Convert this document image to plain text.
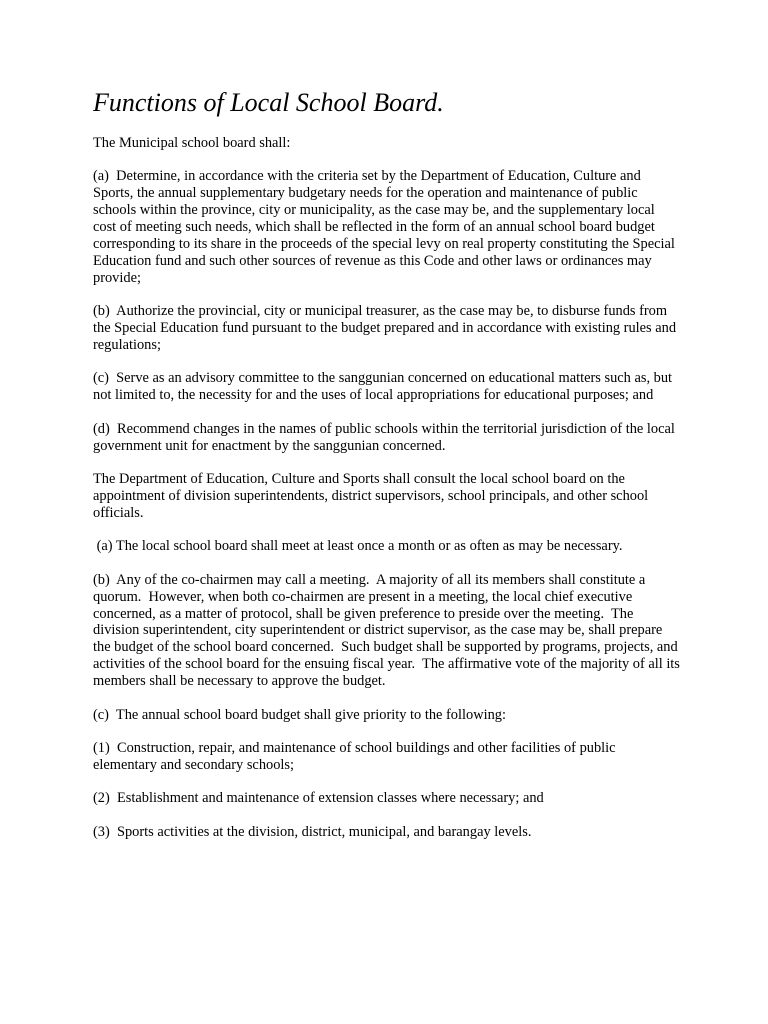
Functions of Local School Board.

The Municipal school board shall:

(a)  Determine, in accordance with the criteria set by the Department of Education, Culture and Sports, the annual supplementary budgetary needs for the operation and maintenance of public schools within the province, city or municipality, as the case may be, and the supplementary local cost of meeting such needs, which shall be reflected in the form of an annual school board budget corresponding to its share in the proceeds of the special levy on real property constituting the Special Education fund and such other sources of revenue as this Code and other laws or ordinances may provide;

(b)  Authorize the provincial, city or municipal treasurer, as the case may be, to disburse funds from the Special Education fund pursuant to the budget prepared and in accordance with existing rules and regulations;

(c)  Serve as an advisory committee to the sanggunian concerned on educational matters such as, but not limited to, the necessity for and the uses of local appropriations for educational purposes; and

(d)  Recommend changes in the names of public schools within the territorial jurisdiction of the local government unit for enactment by the sanggunian concerned.

The Department of Education, Culture and Sports shall consult the local school board on the appointment of division superintendents, district supervisors, school principals, and other school officials.

(a) The local school board shall meet at least once a month or as often as may be necessary.

(b)  Any of the co-chairmen may call a meeting.  A majority of all its members shall constitute a quorum.  However, when both co-chairmen are present in a meeting, the local chief executive concerned, as a matter of protocol, shall be given preference to preside over the meeting.  The division superintendent, city superintendent or district supervisor, as the case may be, shall prepare the budget of the school board concerned.  Such budget shall be supported by programs, projects, and activities of the school board for the ensuing fiscal year.  The affirmative vote of the majority of all its members shall be necessary to approve the budget.

(c)  The annual school board budget shall give priority to the following:

(1)  Construction, repair, and maintenance of school buildings and other facilities of public elementary and secondary schools;

(2)  Establishment and maintenance of extension classes where necessary; and

(3)  Sports activities at the division, district, municipal, and barangay levels.
